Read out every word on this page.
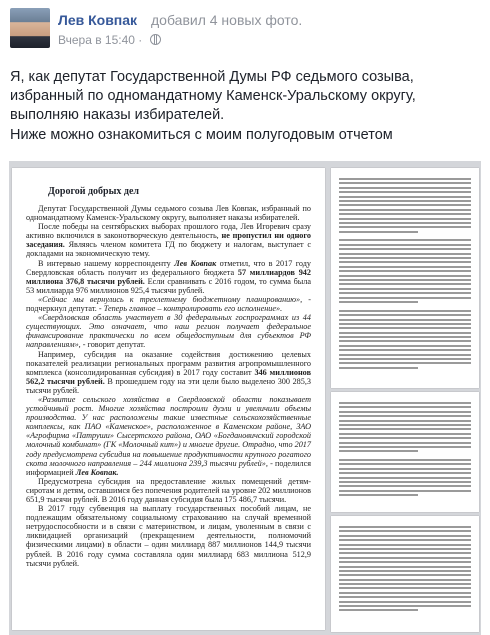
Лев Ковпак добавил 4 новых фото.
Вчера в 15:40 ·

Я, как депутат Государственной Думы РФ седьмого созыва, избранный по одномандатному Каменск-Уральскому округу, выполняю наказы избирателей.

Ниже можно ознакомиться с моим полугодовым отчетом

Дорогой добрых дел

Депутат Государственной Думы седьмого созыва Лев Ковпак, избранный по одномандатному Каменск-Уральскому округу, выполняет наказы избирателей.

После победы на сентябрьских выборах прошлого года, Лев Игоревич сразу активно включился в законотворческую деятельность, не пропустил ни одного заседания. Являясь членом комитета ГД по бюджету и налогам, выступает с докладами на экономическую тему.

В интервью нашему корреспонденту Лев Ковпак отметил, что в 2017 году Свердловская область получит из федерального бюджета 57 миллиардов 942 миллиона 376,8 тысячи рублей. Если сравнивать с 2016 годом, то сумма была 53 миллиарда 976 миллионов 925,4 тысячи рублей.

«Сейчас мы вернулись к трехлетнему бюджетному планированию», - подчеркнул депутат. - Теперь главное – контролировать его исполнение».

«Свердловская область участвует в 30 федеральных госпрограммах из 44 существующих. Это означает, что наш регион получает федеральное финансирование практически по всем общедоступным для субъектов РФ направлениям», - говорит депутат.

Например, субсидия на оказание содействия достижению целевых показателей реализации региональных программ развития агропромышленного комплекса (консолидированная субсидия) в 2017 году составит 346 миллионов 562,2 тысячи рублей. В прошедшем году на эти цели было выделено 300 285,3 тысячи рублей.

«Развитие сельского хозяйства в Свердловской области показывает устойчивый рост. Многие хозяйства построили дуэли и увеличили объемы производства. У нас расположены такие известные сельскохозяйственные комплексы, как ПАО «Каменское», расположенное в Каменском районе, ЗАО «Агрофирма «Патруши» Сысертского района, ОАО «Богдановичский городской молочный комбинат» (ГК «Молочный кит») и многие другие. Отрадно, что 2017 году предусмотрена субсидия на повышение продуктивности крупного рогатого скота молочного направления – 244 миллиона 239,3 тысячи рублей», - поделился информацией Лев Ковпак.

Предусмотрена субсидия на предоставление жилых помещений детям-сиротам и детям, оставшимся без попечения родителей на уровне 202 миллионов 651,9 тысячи рублей. В 2016 году данная субсидия была 175 486,7 тысячи.

В 2017 году субвенция на выплату государственных пособий лицам, не подлежащим обязательному социальному страхованию на случай временной нетрудоспособности и в связи с материнством, и лицам, уволенным в связи с ликвидацией организаций (прекращением деятельности, полномочий физическими лицами) в области – один миллиард 887 миллионов 144,9 тысячи рублей. В 2016 году сумма составляла один миллиард 683 миллиона 512,9 тысячи рублей.
